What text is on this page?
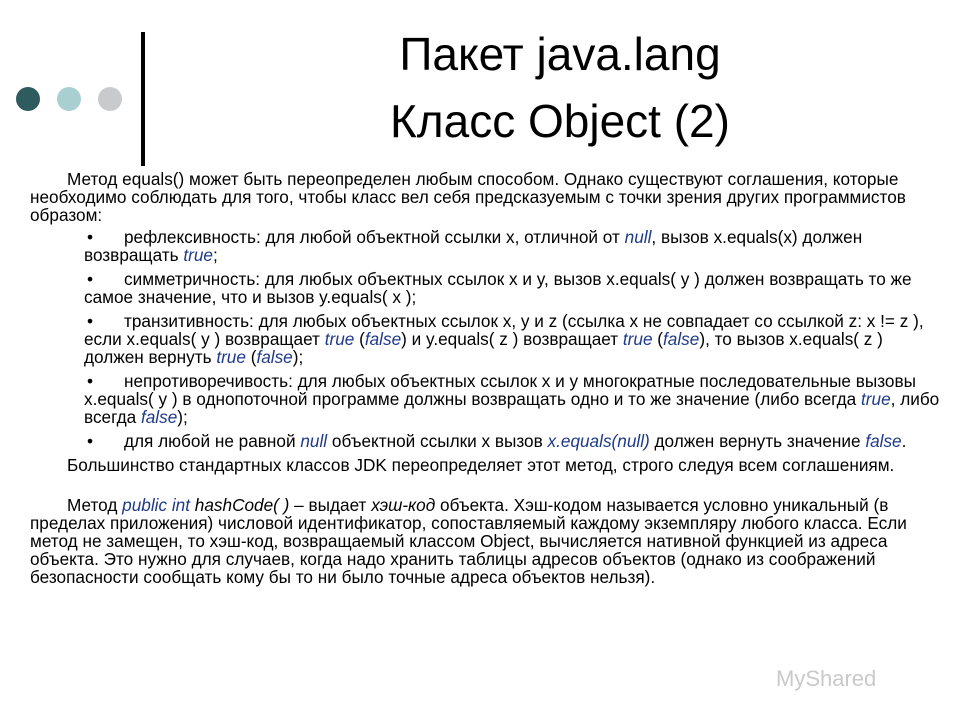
Пакет java.lang
Класс Object (2)

Метод equals() может быть переопределен любым способом. Однако существуют соглашения, которые необходимо соблюдать для того, чтобы класс вел себя предсказуемым с точки зрения других программистов образом:

• рефлексивность: для любой объектной ссылки x, отличной от null, вызов x.equals(x) должен возвращать true;
• симметричность: для любых объектных ссылок x и y, вызов x.equals( y ) должен возвращать то же самое значение, что и вызов y.equals( x );
• транзитивность: для любых объектных ссылок x, y и z (ссылка x не совпадает со ссылкой z: x != z ), если x.equals( y ) возвращает true (false) и y.equals( z ) возвращает true (false), то вызов x.equals( z ) должен вернуть true (false);
• непротиворечивость: для любых объектных ссылок x и y многократные последовательные вызовы x.equals( y ) в однопоточной программе должны возвращать одно и то же значение (либо всегда true, либо всегда false);
• для любой не равной null объектной ссылки x вызов x.equals(null) должен вернуть значение false.

Большинство стандартных классов JDK переопределяет этот метод, строго следуя всем соглашениям.

Метод public int hashCode( ) – выдает хэш-код объекта. Хэш-кодом называется условно уникальный (в пределах приложения) числовой идентификатор, сопоставляемый каждому экземпляру любого класса. Если метод не замещен, то хэш-код, возвращаемый классом Object, вычисляется нативной функцией из адреса объекта. Это нужно для случаев, когда надо хранить таблицы адресов объектов (однако из соображений безопасности сообщать кому бы то ни было точные адреса объектов нельзя).

MyShared
